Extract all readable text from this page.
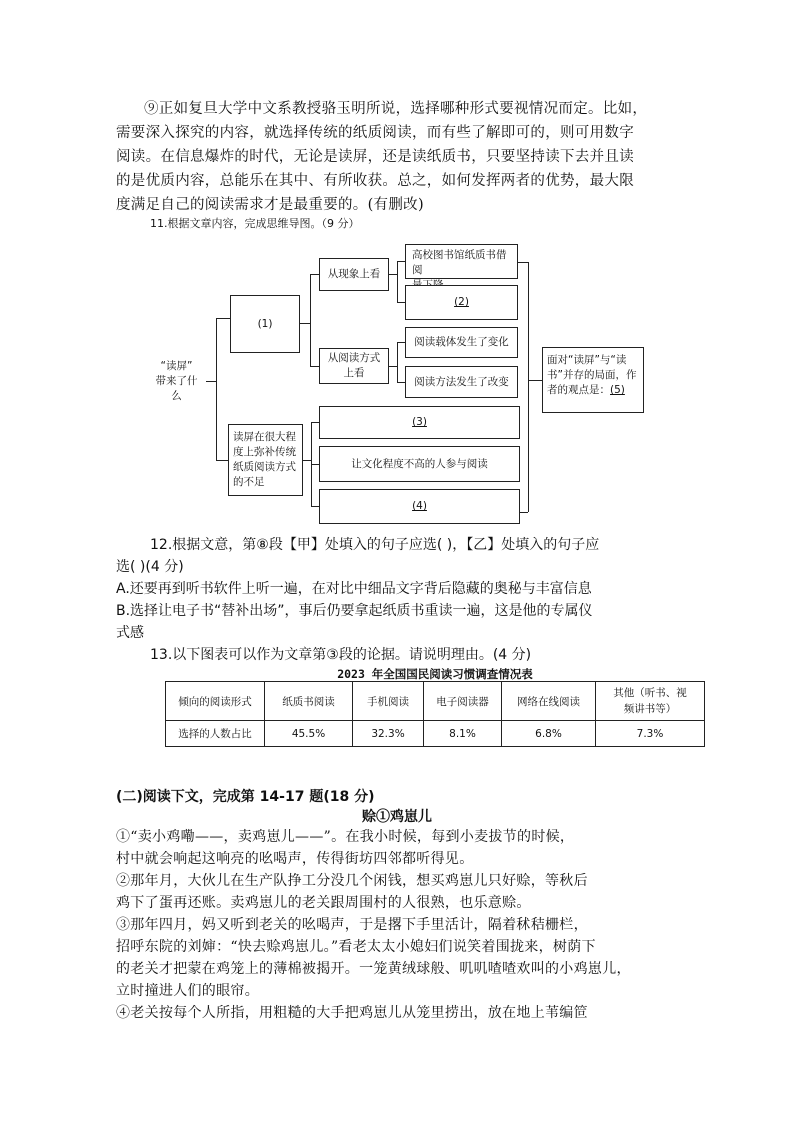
⑨正如复旦大学中文系教授骆玉明所说，选择哪种形式要视情况而定。比如，

需要深入探究的内容，就选择传统的纸质阅读，而有些了解即可的，则可用数字

阅读。在信息爆炸的时代，无论是读屏，还是读纸质书，只要坚持读下去并且读

的是优质内容，总能乐在其中、有所收获。总之，如何发挥两者的优势，最大限

度满足自己的阅读需求才是最重要的。(有删改)

11.根据文章内容，完成思维导图。（9 分）
“读屏”
带来了什
么
(1)
从现象上看
高校图书馆纸质书借阅
(2)
从阅读方式
上看
阅读载体发生了变化
阅读方法发生了改变
读屏在很大程
度上弥补传统
纸质阅读方式
的不足
(3)
让文化程度不高的人参与阅读
(4)
面对“读屏”与“读
书”并存的局面，作
者的观点是：(5)
12.根据文意，第⑧段【甲】处填入的句子应选( )，【乙】处填入的句子应
选( )(4 分)
A.还要再到听书软件上听一遍，在对比中细品文字背后隐藏的奥秘与丰富信息
B.选择让电子书“替补出场”，事后仍要拿起纸质书重读一遍，这是他的专属仪
式感
13.以下图表可以作为文章第③段的论据。请说明理由。(4 分)
2023 年全国国民阅读习惯调查情况表
倾向的阅读形式	纸质书阅读	手机阅读	电子阅读器	网络在线阅读	其他（听书、视
频讲书等）

选择的人数占比	45.5%	32.3%	8.1%	6.8%	7.3%
(二)阅读下文，完成第 14-17 题(18 分)
赊①鸡崽儿

①“卖小鸡嘞——，卖鸡崽儿——”。在我小时候，每到小麦拔节的时候，

村中就会响起这响亮的吆喝声，传得街坊四邻都听得见。

②那年月，大伙儿在生产队挣工分没几个闲钱，想买鸡崽儿只好赊，等秋后

鸡下了蛋再还账。卖鸡崽儿的老关跟周围村的人很熟，也乐意赊。

③那年四月，妈又听到老关的吆喝声，于是撂下手里活计，隔着秫秸栅栏，

招呼东院的刘婶：“快去赊鸡崽儿。”看老太太小媳妇们说笑着围拢来，树荫下

的老关才把蒙在鸡笼上的薄棉被揭开。一笼黄绒球般、叽叽喳喳欢叫的小鸡崽儿，

立时撞进人们的眼帘。

④老关按每个人所指，用粗糙的大手把鸡崽儿从笼里捞出，放在地上苇编笸
